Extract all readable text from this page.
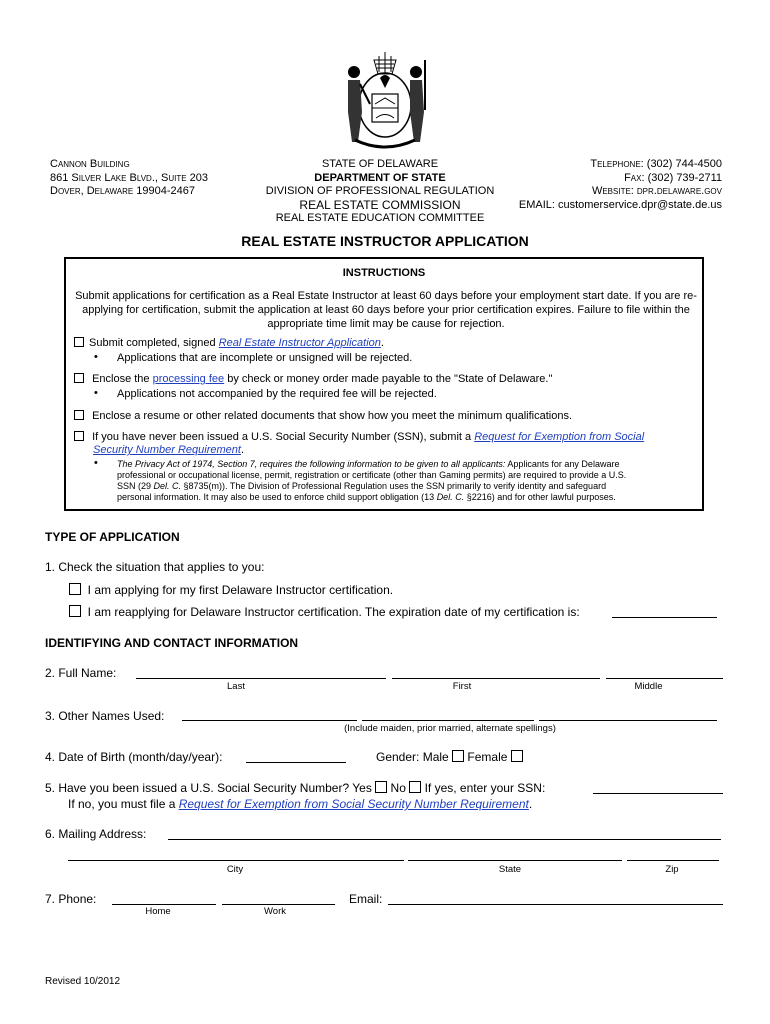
Cannon Building
861 Silver Lake Blvd., Suite 203
Dover, Delaware 19904-2467
STATE OF DELAWARE
DEPARTMENT OF STATE
DIVISION OF PROFESSIONAL REGULATION
REAL ESTATE COMMISSION
REAL ESTATE EDUCATION COMMITTEE
Telephone: (302) 744-4500
Fax: (302) 739-2711
Website: dpr.delaware.gov
EMAIL: customerservice.dpr@state.de.us
REAL ESTATE INSTRUCTOR APPLICATION
INSTRUCTIONS
Submit applications for certification as a Real Estate Instructor at least 60 days before your employment start date. If you are re-applying for certification, submit the application at least 60 days before your prior certification expires. Failure to file within the appropriate time limit may be cause for rejection.
Submit completed, signed Real Estate Instructor Application.
• Applications that are incomplete or unsigned will be rejected.
Enclose the processing fee by check or money order made payable to the "State of Delaware."
• Applications not accompanied by the required fee will be rejected.
Enclose a resume or other related documents that show how you meet the minimum qualifications.
If you have never been issued a U.S. Social Security Number (SSN), submit a Request for Exemption from Social
Security Number Requirement.
• The Privacy Act of 1974, Section 7, requires the following information to be given to all applicants: Applicants for any Delaware
professional or occupational license, permit, registration or certificate (other than Gaming permits) are required to provide a U.S.
SSN (29 Del. C. §8735(m)). The Division of Professional Regulation uses the SSN primarily to verify identity and safeguard
personal information. It may also be used to enforce child support obligation (13 Del. C. §2216) and for other lawful purposes.
TYPE OF APPLICATION
1. Check the situation that applies to you:
I am applying for my first Delaware Instructor certification.
I am reapplying for Delaware Instructor certification. The expiration date of my certification is:
IDENTIFYING AND CONTACT INFORMATION
2. Full Name:
Last	First	Middle
3. Other Names Used:
(Include maiden, prior married, alternate spellings)
4. Date of Birth (month/day/year):	Gender: Male Female
5. Have you been issued a U.S. Social Security Number? Yes No If yes, enter your SSN:
If no, you must file a Request for Exemption from Social Security Number Requirement.
6. Mailing Address:
City	State	Zip
7. Phone:
Home	Work
Email:
Revised 10/2012
